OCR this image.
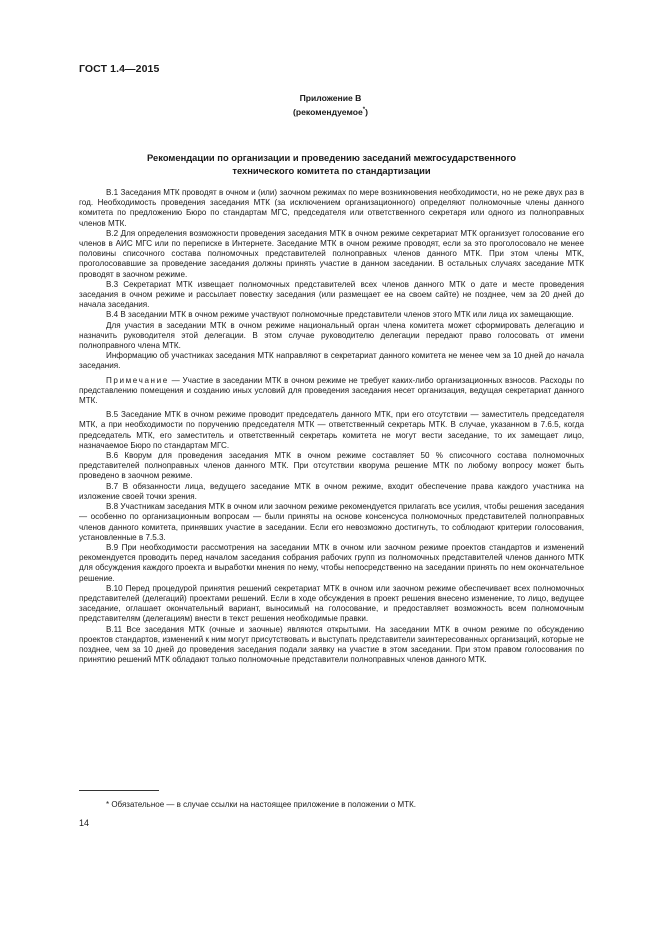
ГОСТ 1.4—2015
Приложение В
(рекомендуемое*)
Рекомендации по организации и проведению заседаний межгосударственного
технического комитета по стандартизации

В.1 Заседания МТК проводят в очном и (или) заочном режимах по мере возникновения необходимости, но не реже двух раз в год. Необходимость проведения заседания МТК (за исключением организационного) определяют полномочные члены данного комитета по предложению Бюро по стандартам МГС, председателя или ответственного секретаря или одного из полноправных членов МТК.

В.2 Для определения возможности проведения заседания МТК в очном режиме секретариат МТК организует голосование его членов в АИС МГС или по переписке в Интернете. Заседание МТК в очном режиме проводят, если за это проголосовало не менее половины списочного состава полномочных представителей полноправных членов данного МТК. При этом члены МТК, проголосовавшие за проведение заседания должны принять участие в данном заседании. В остальных случаях заседание МТК проводят в заочном режиме.

В.3 Секретариат МТК извещает полномочных представителей всех членов данного МТК о дате и месте проведения заседания в очном режиме и рассылает повестку заседания (или размещает ее на своем сайте) не позднее, чем за 20 дней до начала заседания.

В.4 В заседании МТК в очном режиме участвуют полномочные представители членов этого МТК или лица их замещающие.

Для участия в заседании МТК в очном режиме национальный орган члена комитета может сформировать делегацию и назначить руководителя этой делегации. В этом случае руководителю делегации передают право голосовать от имени полноправного члена МТК.

Информацию об участниках заседания МТК направляют в секретариат данного комитета не менее чем за 10 дней до начала заседания.

Примечание — Участие в заседании МТК в очном режиме не требует каких-либо организационных взносов. Расходы по представлению помещения и созданию иных условий для проведения заседания несет организация, ведущая секретариат данного МТК.

В.5 Заседание МТК в очном режиме проводит председатель данного МТК, при его отсутствии — заместитель председателя МТК, а при необходимости по поручению председателя МТК — ответственный секретарь МТК. В случае, указанном в 7.6.5, когда председатель МТК, его заместитель и ответственный секретарь комитета не могут вести заседание, то их замещает лицо, назначаемое Бюро по стандартам МГС.

В.6 Кворум для проведения заседания МТК в очном режиме составляет 50 % списочного состава полномочных представителей полноправных членов данного МТК. При отсутствии кворума решение МТК по любому вопросу может быть проведено в заочном режиме.

В.7 В обязанности лица, ведущего заседание МТК в очном режиме, входит обеспечение права каждого участника на изложение своей точки зрения.

В.8 Участникам заседания МТК в очном или заочном режиме рекомендуется прилагать все усилия, чтобы решения заседания — особенно по организационным вопросам — были приняты на основе консенсуса полномочных представителей полноправных членов данного комитета, принявших участие в заседании. Если его невозможно достигнуть, то соблюдают критерии голосования, установленные в 7.5.3.

В.9 При необходимости рассмотрения на заседании МТК в очном или заочном режиме проектов стандартов и изменений рекомендуется проводить перед началом заседания собрания рабочих групп из полномочных представителей членов данного МТК для обсуждения каждого проекта и выработки мнения по нему, чтобы непосредственно на заседании принять по нем окончательное решение.

В.10 Перед процедурой принятия решений секретариат МТК в очном или заочном режиме обеспечивает всех полномочных представителей (делегаций) проектами решений. Если в ходе обсуждения в проект решения внесено изменение, то лицо, ведущее заседание, оглашает окончательный вариант, выносимый на голосование, и предоставляет возможность всем полномочным представителям (делегациям) внести в текст решения необходимые правки.

В.11 Все заседания МТК (очные и заочные) являются открытыми. На заседании МТК в очном режиме по обсуждению проектов стандартов, изменений к ним могут присутствовать и выступать представители заинтересованных организаций, которые не позднее, чем за 10 дней до проведения заседания подали заявку на участие в этом заседании. При этом правом голосования по принятию решений МТК обладают только полномочные представители полноправных членов данного МТК.

* Обязательное — в случае ссылки на настоящее приложение в положении о МТК.
14
